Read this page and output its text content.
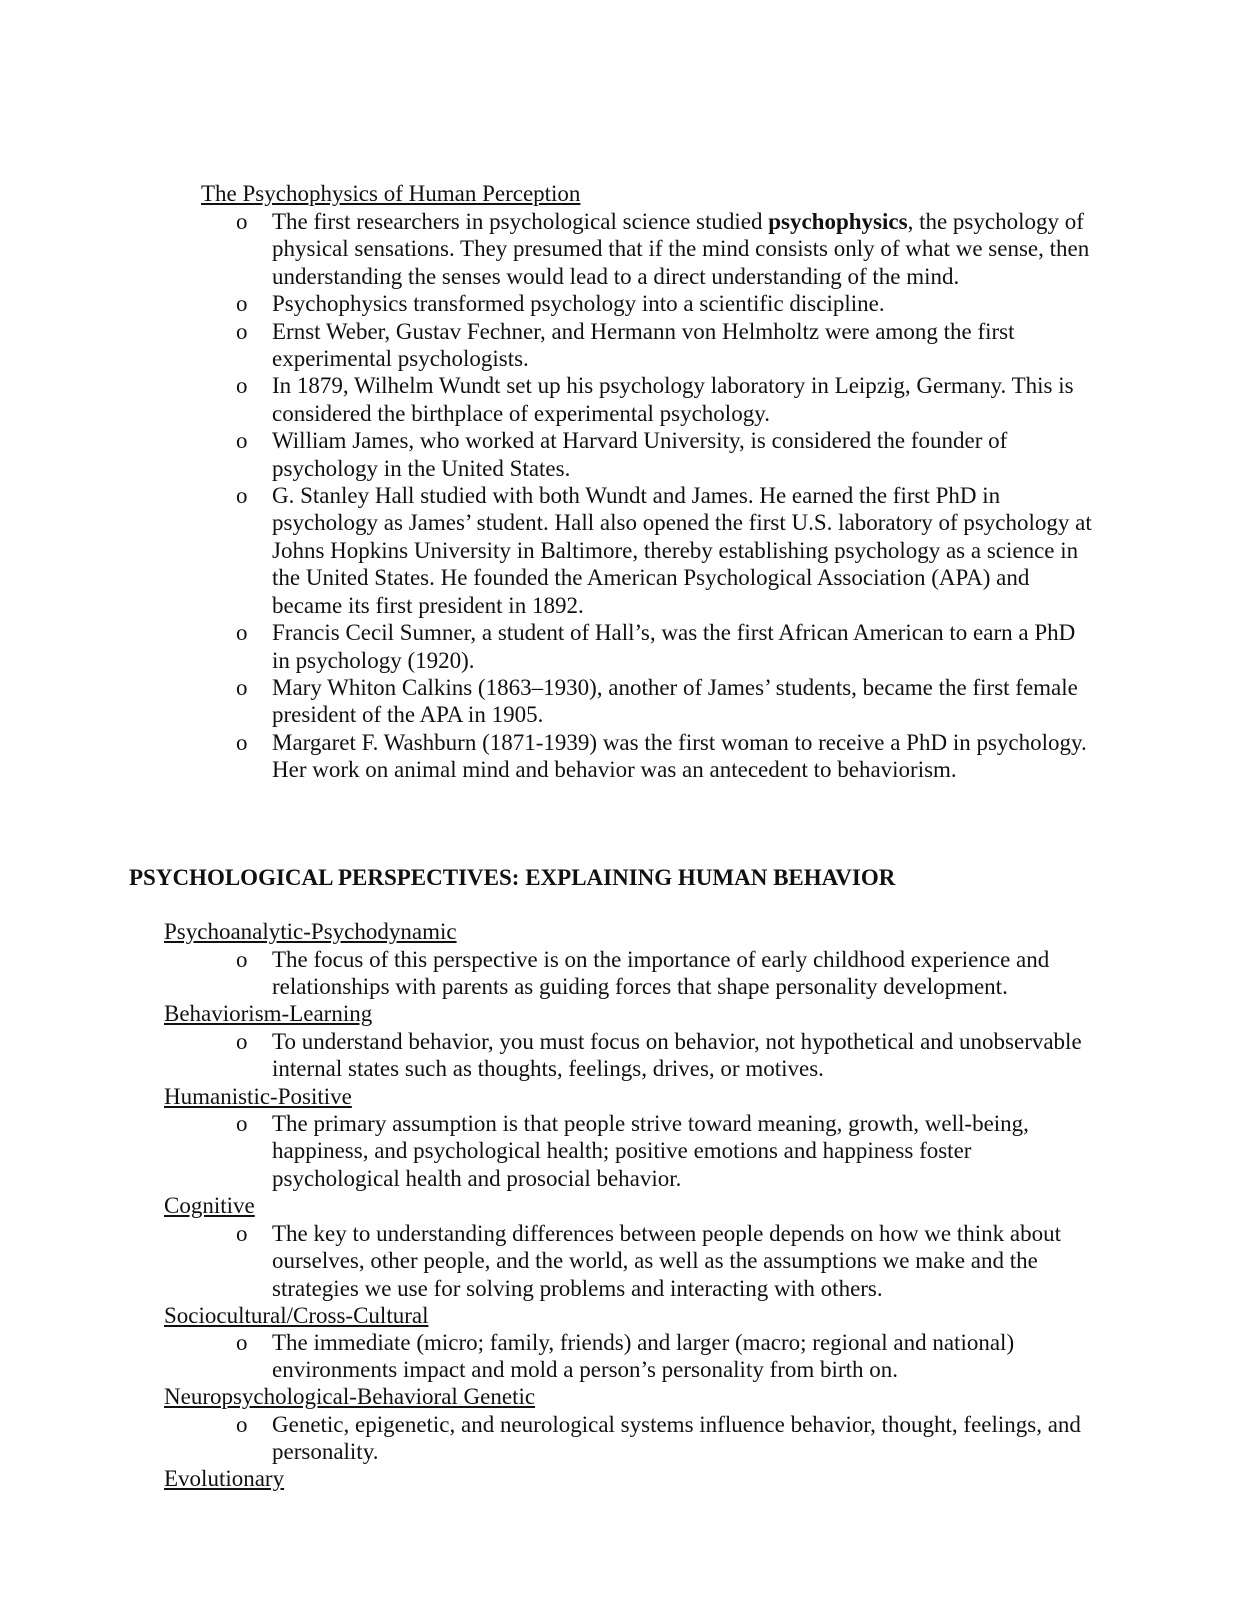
The Psychophysics of Human Perception
o The first researchers in psychological science studied psychophysics, the psychology of physical sensations. They presumed that if the mind consists only of what we sense, then understanding the senses would lead to a direct understanding of the mind.
o Psychophysics transformed psychology into a scientific discipline.
o Ernst Weber, Gustav Fechner, and Hermann von Helmholtz were among the first experimental psychologists.
o In 1879, Wilhelm Wundt set up his psychology laboratory in Leipzig, Germany. This is considered the birthplace of experimental psychology.
o William James, who worked at Harvard University, is considered the founder of psychology in the United States.
o G. Stanley Hall studied with both Wundt and James. He earned the first PhD in psychology as James’ student. Hall also opened the first U.S. laboratory of psychology at Johns Hopkins University in Baltimore, thereby establishing psychology as a science in the United States. He founded the American Psychological Association (APA) and became its first president in 1892.
o Francis Cecil Sumner, a student of Hall’s, was the first African American to earn a PhD in psychology (1920).
o Mary Whiton Calkins (1863–1930), another of James’ students, became the first female president of the APA in 1905.
o Margaret F. Washburn (1871-1939) was the first woman to receive a PhD in psychology. Her work on animal mind and behavior was an antecedent to behaviorism.
PSYCHOLOGICAL PERSPECTIVES: EXPLAINING HUMAN BEHAVIOR
Psychoanalytic-Psychodynamic
o The focus of this perspective is on the importance of early childhood experience and relationships with parents as guiding forces that shape personality development.
Behaviorism-Learning
o To understand behavior, you must focus on behavior, not hypothetical and unobservable internal states such as thoughts, feelings, drives, or motives.
Humanistic-Positive
o The primary assumption is that people strive toward meaning, growth, well-being, happiness, and psychological health; positive emotions and happiness foster psychological health and prosocial behavior.
Cognitive
o The key to understanding differences between people depends on how we think about ourselves, other people, and the world, as well as the assumptions we make and the strategies we use for solving problems and interacting with others.
Sociocultural/Cross-Cultural
o The immediate (micro; family, friends) and larger (macro; regional and national) environments impact and mold a person’s personality from birth on.
Neuropsychological-Behavioral Genetic
o Genetic, epigenetic, and neurological systems influence behavior, thought, feelings, and personality.
Evolutionary
